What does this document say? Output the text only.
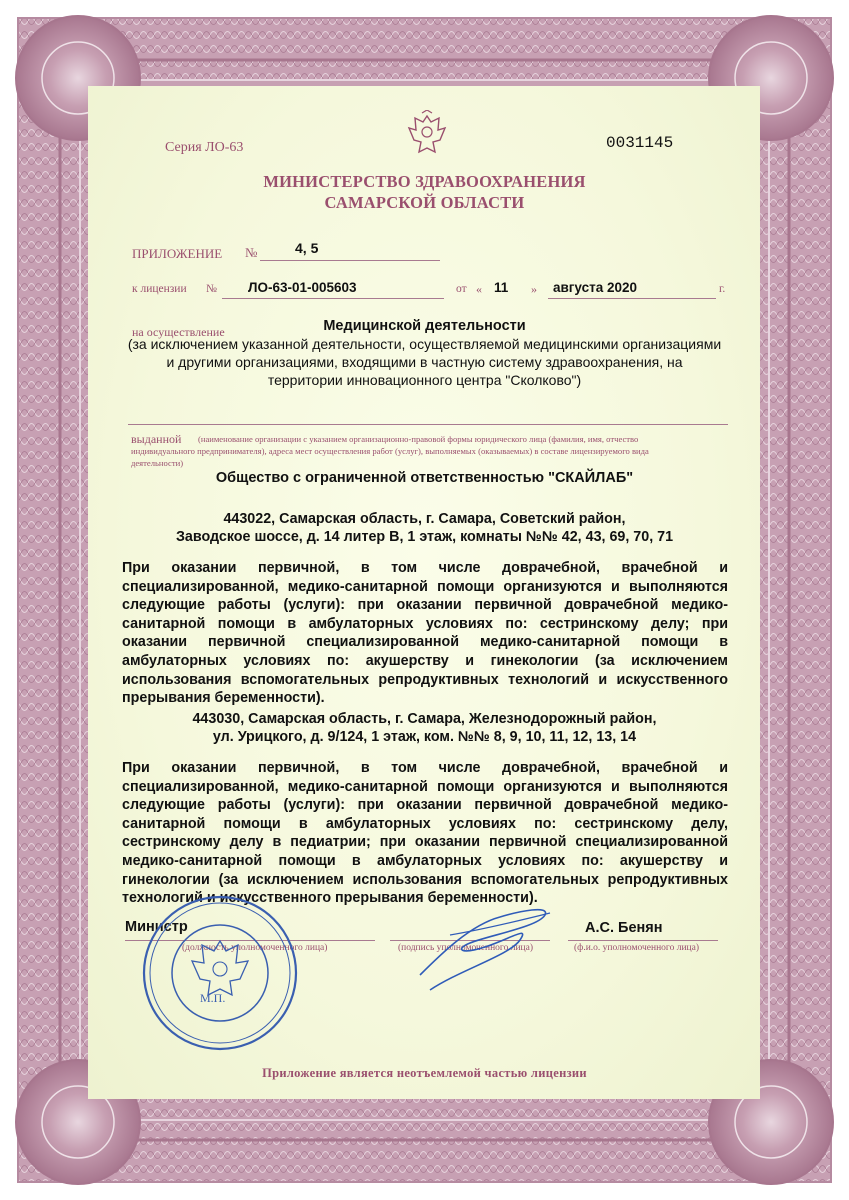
Серия ЛО-63	0031145
МИНИСТЕРСТВО ЗДРАВООХРАНЕНИЯ
САМАРСКОЙ ОБЛАСТИ
ПРИЛОЖЕНИЕ №	4, 5
к лицензии № ЛО-63-01-005603	от « 11 » августа 2020	г.
на осуществление	Медицинской деятельности
(за исключением указанной деятельности, осуществляемой медицинскими организациями
и другими организациями, входящими в частную систему здравоохранения, на
территории инновационного центра "Сколково")
выданной (наименование организации с указанием организационно-правовой формы юридического лица (фамилия, имя, отчество
индивидуального предпринимателя), адреса мест осуществления работ (услуг), выполняемых (оказываемых) в составе лицензируемого вида
деятельности)
Общество с ограниченной ответственностью "СКАЙЛАБ"
443022, Самарская область, г. Самара, Советский район,
Заводское шоссе, д. 14 литер В, 1 этаж, комнаты №№ 42, 43, 69, 70, 71
При оказании первичной, в том числе доврачебной, врачебной и специализированной, медико-санитарной помощи организуются и выполняются следующие работы (услуги): при оказании первичной доврачебной медико-санитарной помощи в амбулаторных условиях по: сестринскому делу; при оказании первичной специализированной медико-санитарной помощи в амбулаторных условиях по: акушерству и гинекологии (за исключением использования вспомогательных репродуктивных технологий и искусственного прерывания беременности).
443030, Самарская область, г. Самара, Железнодорожный район,
ул. Урицкого, д. 9/124, 1 этаж, ком. №№ 8, 9, 10, 11, 12, 13, 14
При оказании первичной, в том числе доврачебной, врачебной и специализированной, медико-санитарной помощи организуются и выполняются следующие работы (услуги): при оказании первичной доврачебной медико-санитарной помощи в амбулаторных условиях по: сестринскому делу, сестринскому делу в педиатрии; при оказании первичной специализированной медико-санитарной помощи в амбулаторных условиях по: акушерству и гинекологии (за исключением использования вспомогательных репродуктивных технологий и искусственного прерывания беременности).
Министр
(должность уполномоченного лица)	(подпись уполномоченного лица)
А.С. Бенян
(ф.и.о. уполномоченного лица)
М.П.
Приложение является неотъемлемой частью лицензии
